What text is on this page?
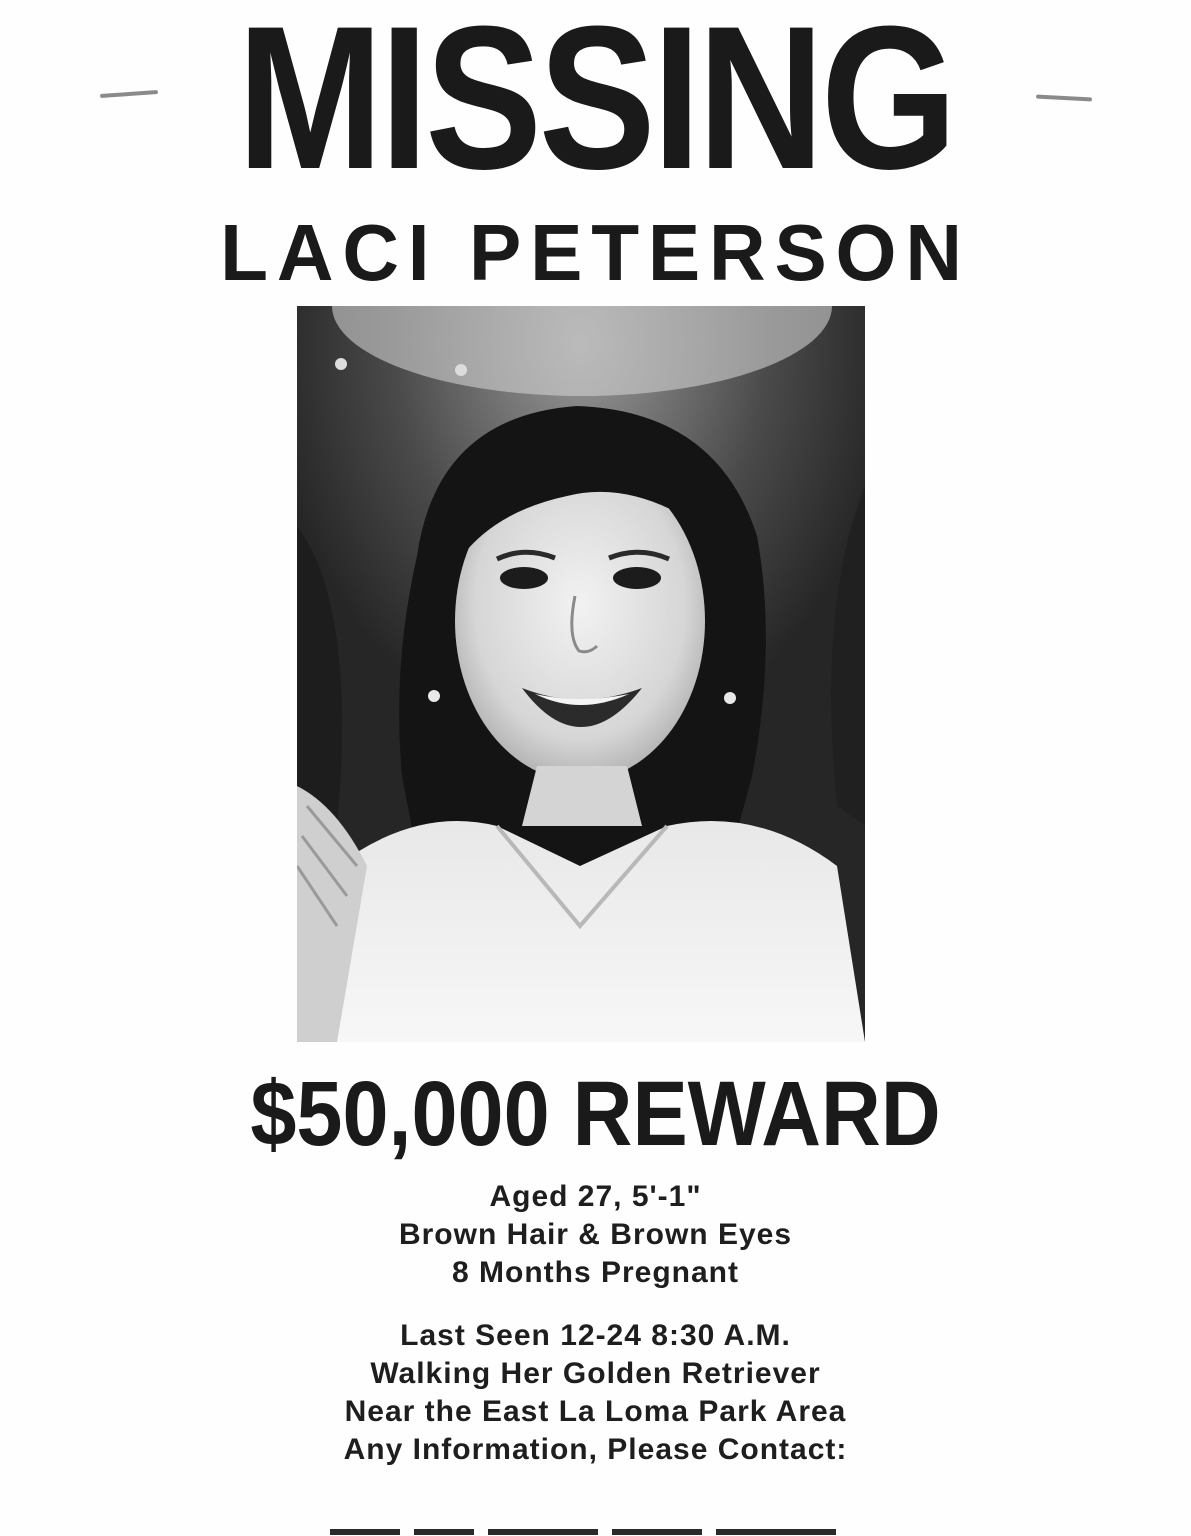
MISSING
LACI PETERSON
$50,000 REWARD
Aged 27, 5'-1"
Brown Hair & Brown Eyes
8 Months Pregnant
Last Seen 12-24 8:30 A.M.
Walking Her Golden Retriever
Near the East La Loma Park Area
Any Information, Please Contact:
